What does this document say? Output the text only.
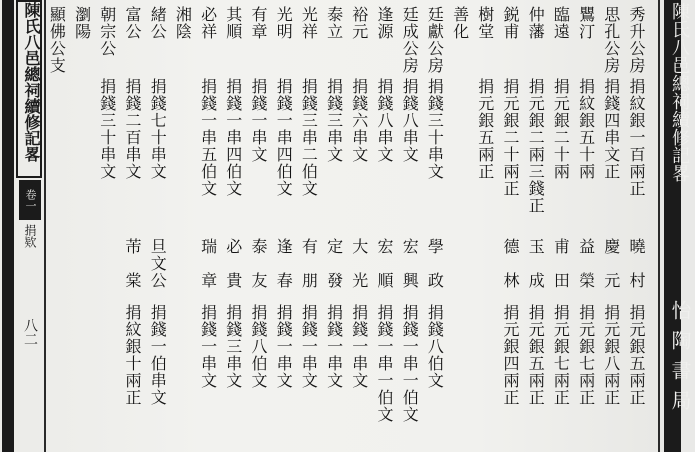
陳氏八邑總祠續修記畧
卷一
捐欵
八二
陳氏八邑總祠續修記畧
怡陶書局
秀升公房
捐紋銀一百兩正
曉　村
捐元銀五兩正
思孔公房
捐錢四串文正
慶　元
捐元銀八兩正
鸎汀
捐紋銀五十兩
益　榮
捐元銀七兩正
臨遠
捐元銀二十兩
甫　田
捐元銀七兩正
仲藩
捐元銀二兩三錢正
玉　成
捐元銀五兩正
鋭甫
捐元銀二十兩正
德　林
捐元銀四兩正
樹堂
捐元銀五兩正
善化
廷獻公房
捐錢三十串文
學　政
捐錢八伯文
廷成公房
捐錢八串文
宏　興
捐錢一串一伯文
逢源
捐錢八串文
宏　順
捐錢一串一伯文
裕元
捐錢六串文
大　光
捐錢一串文
泰立
捐錢三串文
定　發
捐錢一串文
光祥
捐錢三串二伯文
有　朋
捐錢一串文
光明
捐錢一串四伯文
逢　春
捐錢一串文
有章
捐錢一串文
泰　友
捐錢八伯文
其順
捐錢一串四伯文
必　貴
捐錢三串文
必祥
捐錢一串五伯文
瑞　章
捐錢一串文
湘陰
緒公
捐錢七十串文
旦文公
捐錢一伯串文
富公
捐錢二百串文
芾　棠
捐紋銀十兩正
朝宗公
捐錢三十串文
瀏陽
顯佛公支
